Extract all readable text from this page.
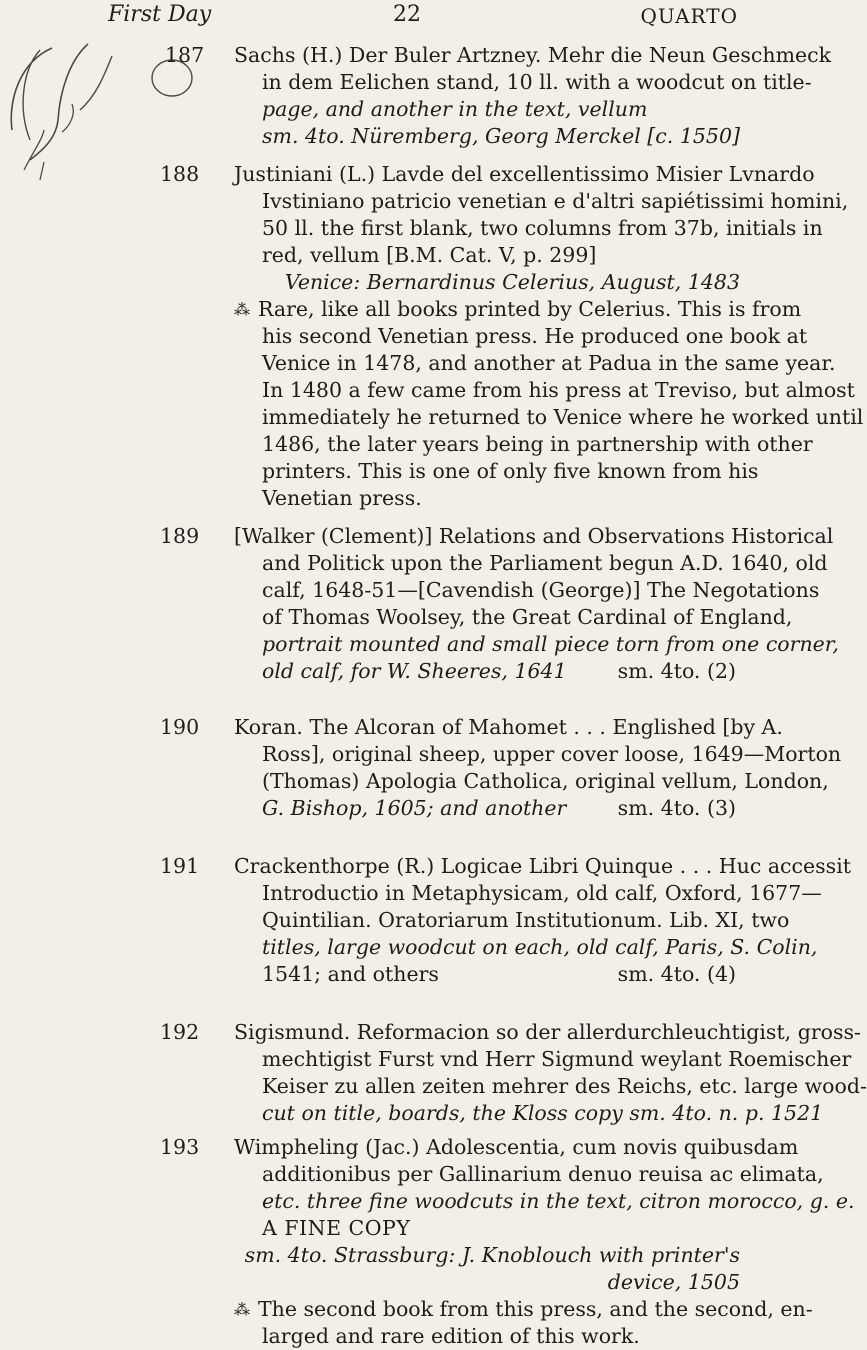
First Day	22	QUARTO
187	Sachs (H.) Der Buler Artzney. Mehr die Neun Geschmeck
in dem Eelichen stand, 10 ll. with a woodcut on title-
page, and another in the text, vellum
sm. 4to. Nüremberg, Georg Merckel [c. 1550]
188	Justiniani (L.) Lavde del excellentissimo Misier Lvnardo
Ivstiniano patricio venetian e d'altri sapiétissimi homini,
50 ll. the first blank, two columns from 37b, initials in
red, vellum [B.M. Cat. V, p. 299]
Venice: Bernardinus Celerius, August, 1483
⁂ Rare, like all books printed by Celerius. This is from
his second Venetian press. He produced one book at
Venice in 1478, and another at Padua in the same year.
In 1480 a few came from his press at Treviso, but almost
immediately he returned to Venice where he worked until
1486, the later years being in partnership with other
printers. This is one of only five known from his
Venetian press.
189	[Walker (Clement)] Relations and Observations Historical
and Politick upon the Parliament begun A.D. 1640, old
calf, 1648-51—[Cavendish (George)] The Negotations
of Thomas Woolsey, the Great Cardinal of England,
portrait mounted and small piece torn from one corner,
old calf, for W. Sheeres, 1641 sm. 4to. (2)
190	Koran. The Alcoran of Mahomet . . . Englished [by A.
Ross], original sheep, upper cover loose, 1649—Morton
(Thomas) Apologia Catholica, original vellum, London,
G. Bishop, 1605; and another	sm. 4to. (3)
191	Crackenthorpe (R.) Logicae Libri Quinque . . . Huc accessit
Introductio in Metaphysicam, old calf, Oxford, 1677—
Quintilian. Oratoriarum Institutionum. Lib. XI, two
titles, large woodcut on each, old calf, Paris, S. Colin,
1541; and others	sm. 4to. (4)
192	Sigismund. Reformacion so der allerdurchleuchtigist, gross-
mechtigist Furst vnd Herr Sigmund weylant Roemischer
Keiser zu allen zeiten mehrer des Reichs, etc. large wood-
cut on title, boards, the Kloss copy sm. 4to. n. p. 1521
193	Wimpheling (Jac.) Adolescentia, cum novis quibusdam
additionibus per Gallinarium denuo reuisa ac elimata,
etc. three fine woodcuts in the text, citron morocco, g. e.
A FINE COPY
sm. 4to. Strassburg: J. Knoblouch with printer's
device, 1505
⁂ The second book from this press, and the second, en-
larged and rare edition of this work.
